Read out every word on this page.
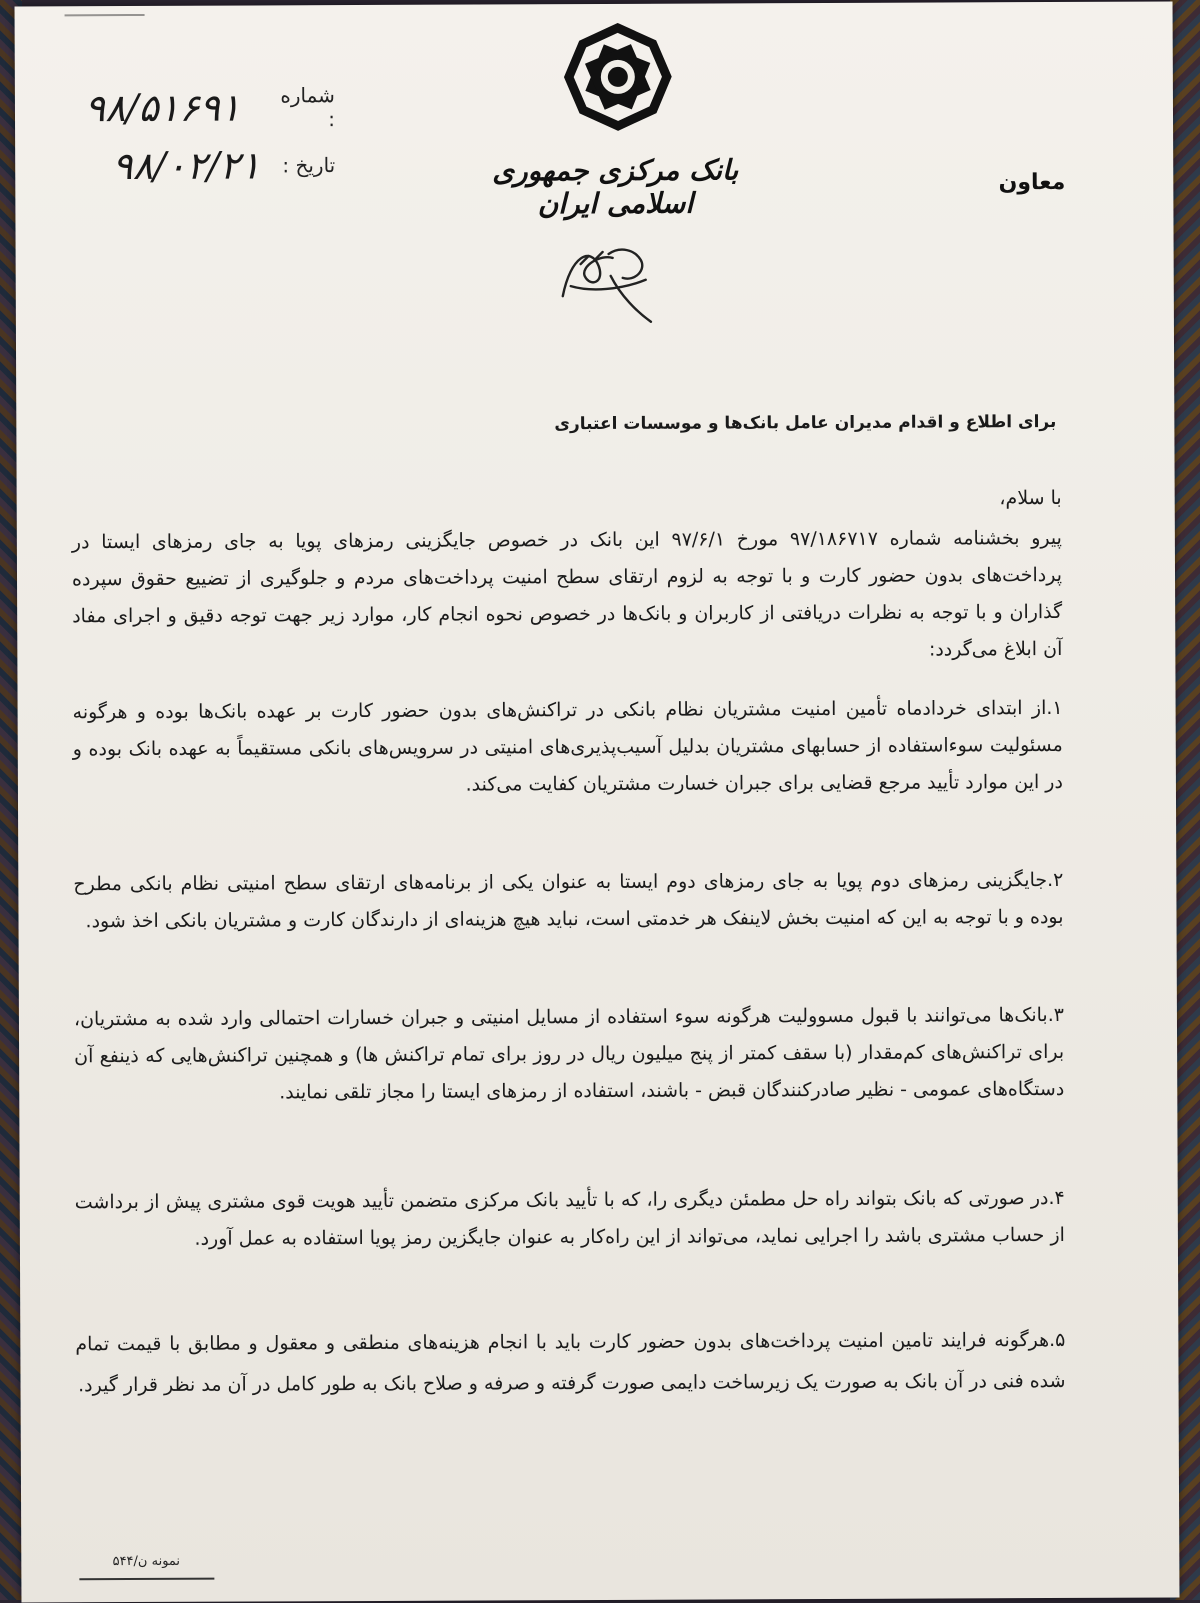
شماره :
۹۸/۵۱۶۹۱
تاریخ :
۹۸/۰۲/۲۱	بانک مرکزی جمهوری اسلامی ایران
معاون
برای اطلاع و اقدام مدیران عامل بانک‌ها و موسسات اعتباری
با سلام،
پیرو بخشنامه شماره ۹۷/۱۸۶۷۱۷ مورخ ۹۷/۶/۱ این بانک در خصوص جایگزینی رمزهای پویا به جای رمزهای ایستا در پرداخت‌های بدون حضور کارت و با توجه به لزوم ارتقای سطح امنیت پرداخت‌های مردم و جلوگیری از تضییع حقوق سپرده گذاران و با توجه به نظرات دریافتی از کاربران و بانک‌ها در خصوص نحوه انجام کار، موارد زیر جهت توجه دقیق و اجرای مفاد آن ابلاغ می‌گردد:
۱.از ابتدای خردادماه تأمین امنیت مشتریان نظام بانکی در تراکنش‌های بدون حضور کارت بر عهده بانک‌ها بوده و هرگونه مسئولیت سوءاستفاده از حسابهای مشتریان بدلیل آسیب‌پذیری‌های امنیتی در سرویس‌های بانکی مستقیماً به عهده بانک بوده و در این موارد تأیید مرجع قضایی برای جبران خسارت مشتریان کفایت می‌کند.
۲.جایگزینی رمزهای دوم پویا به جای رمزهای دوم ایستا به عنوان یکی از برنامه‌های ارتقای سطح امنیتی نظام بانکی مطرح بوده و با توجه به این که امنیت بخش لاینفک هر خدمتی است، نباید هیچ هزینه‌ای از دارندگان کارت و مشتریان بانکی اخذ شود.
۳.بانک‌ها می‌توانند با قبول مسوولیت هرگونه سوء استفاده از مسایل امنیتی و جبران خسارات احتمالی وارد شده به مشتریان، برای تراکنش‌های کم‌مقدار (با سقف کمتر از پنج میلیون ریال در روز برای تمام تراکنش ها) و همچنین تراکنش‌هایی که ذینفع آن دستگاه‌های عمومی - نظیر صادرکنندگان قبض - باشند، استفاده از رمزهای ایستا را مجاز تلقی نمایند.
۴.در صورتی که بانک بتواند راه حل مطمئن دیگری را، که با تأیید بانک مرکزی متضمن تأیید هویت قوی مشتری پیش از برداشت از حساب مشتری باشد را اجرایی نماید، می‌تواند از این راه‌کار به عنوان جایگزین رمز پویا استفاده به عمل آورد.
۵.هرگونه فرایند تامین امنیت پرداخت‌های بدون حضور کارت باید با انجام هزینه‌های منطقی و معقول و مطابق با قیمت تمام شده فنی در آن بانک به صورت یک زیرساخت دایمی صورت گرفته و صرفه و صلاح بانک به طور کامل در آن مد نظر قرار گیرد.
نمونه ن/۵۴۴
